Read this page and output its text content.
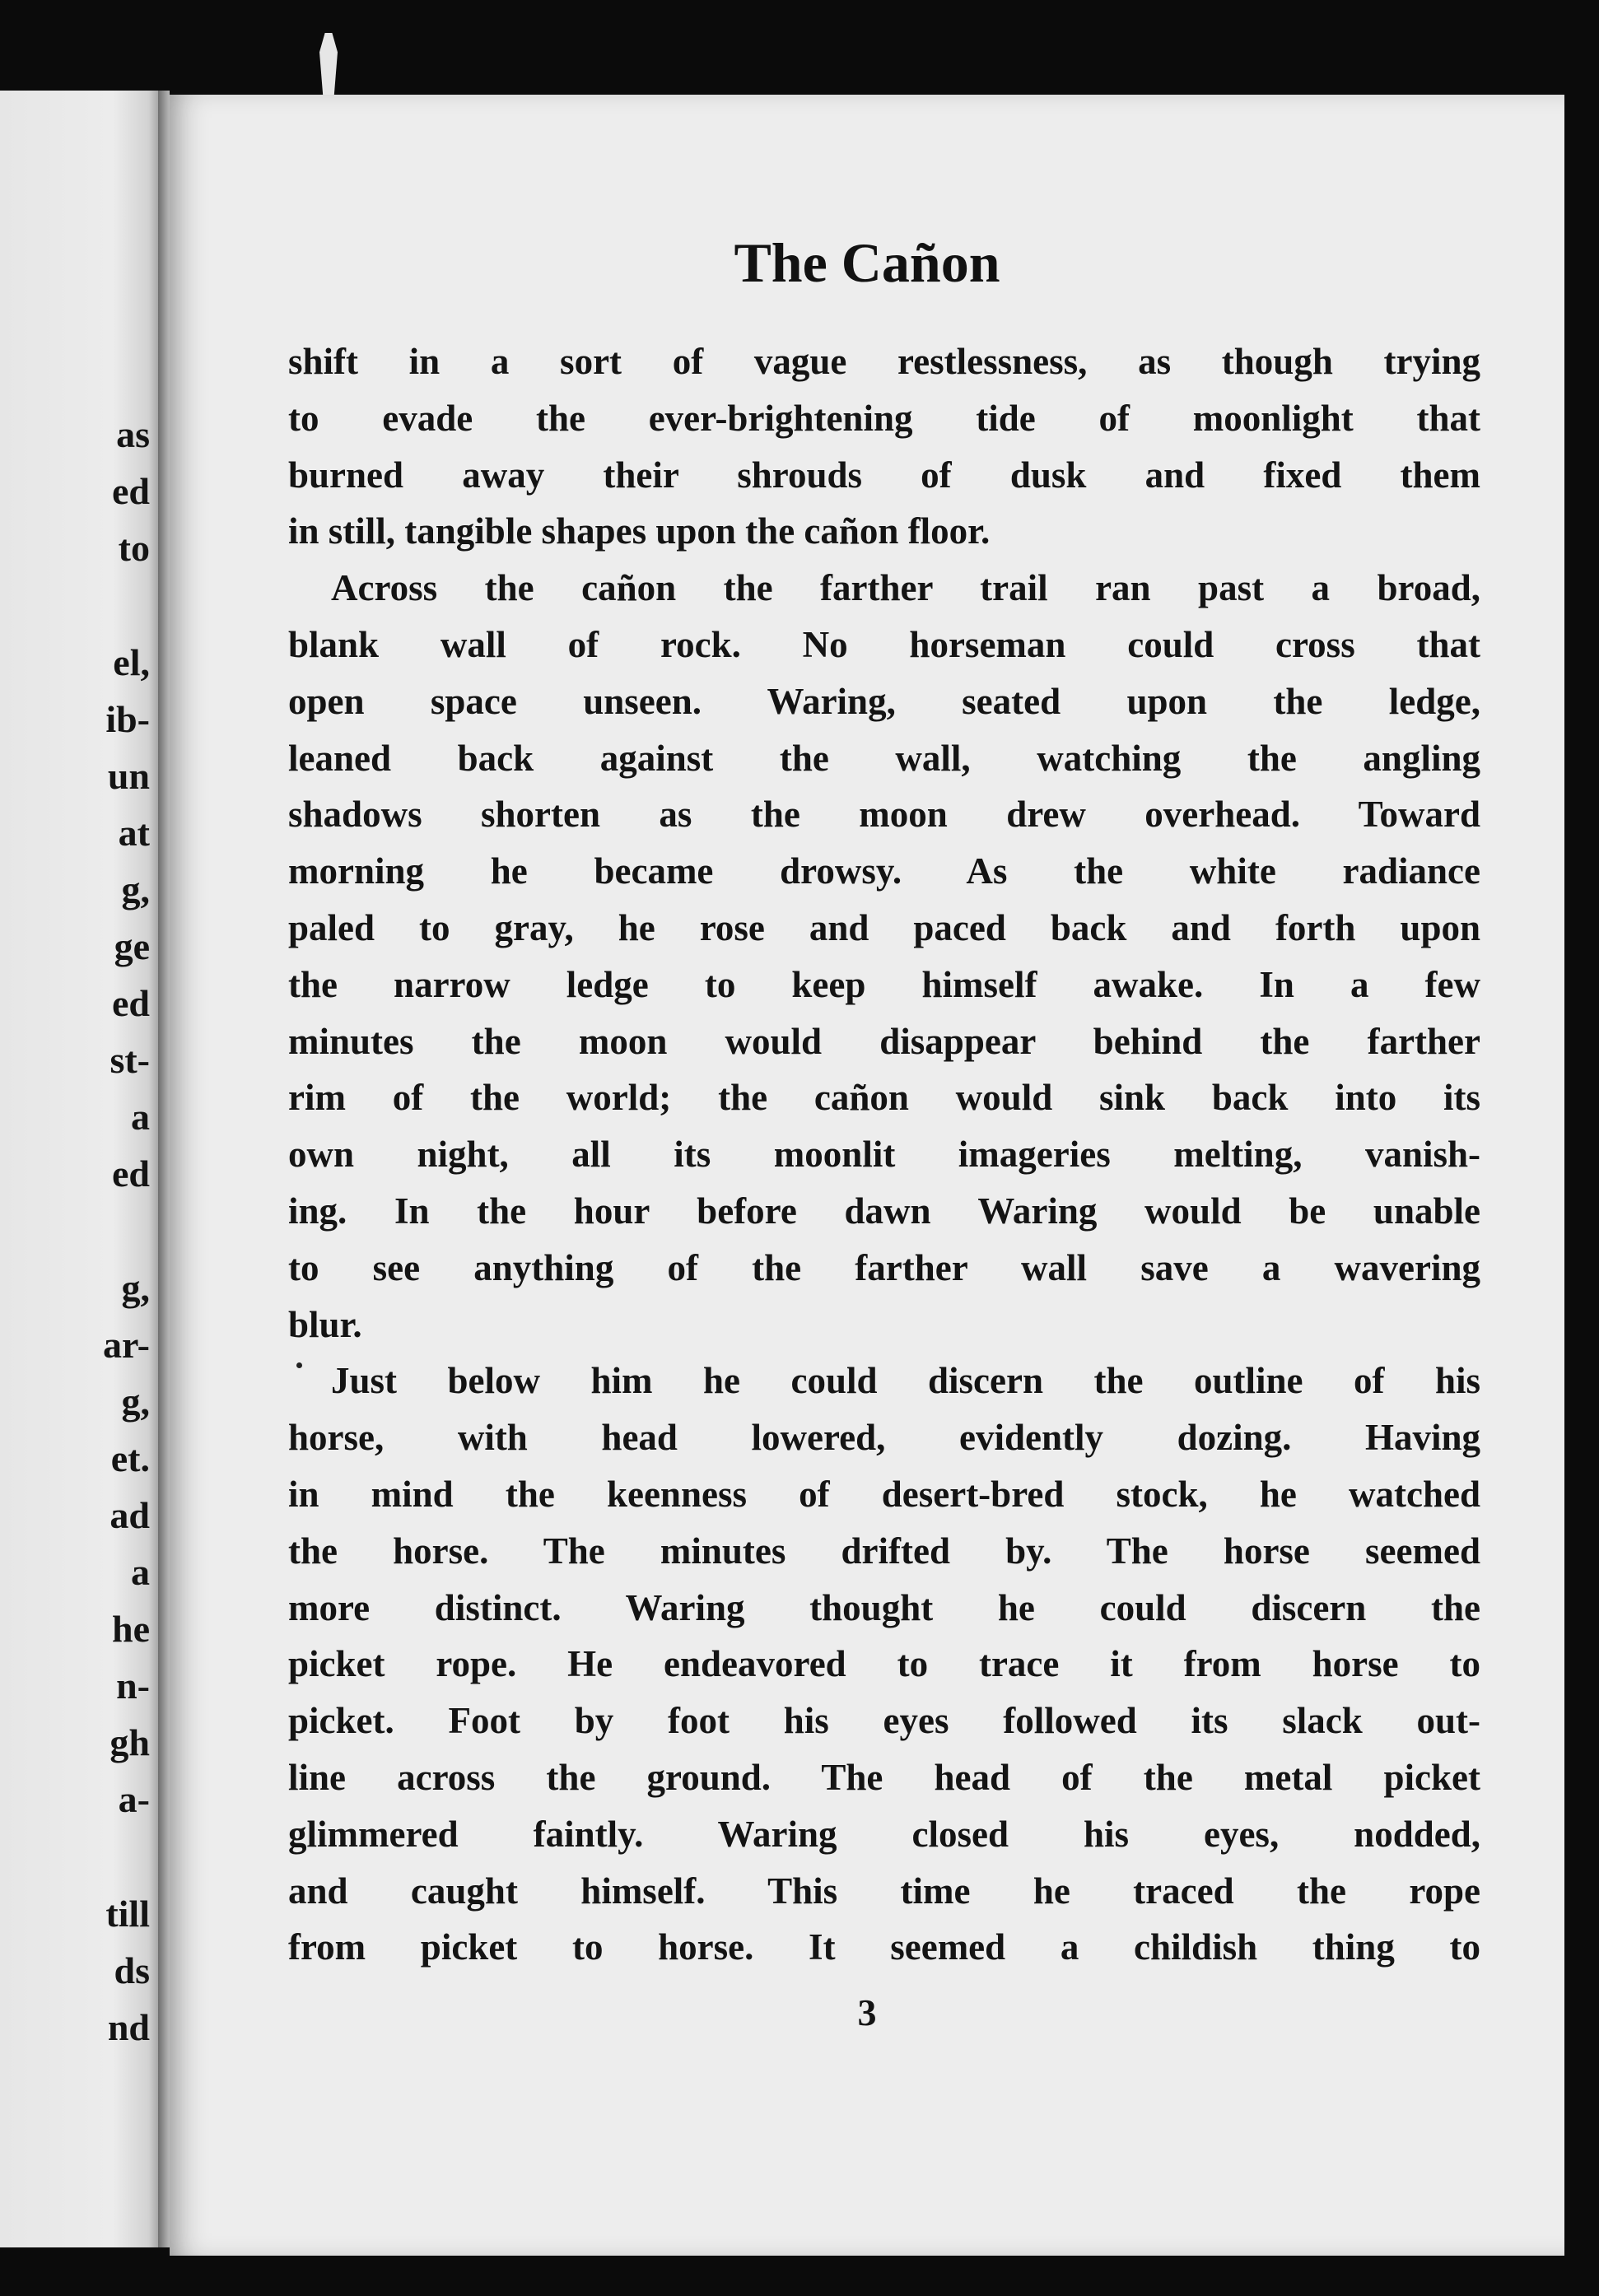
as
ed
to
el,
ib-
un
at
g,
ge
ed
st-
a
ed
g,
ar-
g,
et.
ad
a
he
n-
gh
a-
till
ds
nd
The Cañon
shift in a sort of vague restlessness, as though trying
to evade the ever-brightening tide of moonlight that
burned away their shrouds of dusk and fixed them
in still, tangible shapes upon the cañon floor.
Across the cañon the farther trail ran past a broad,
blank wall of rock. No horseman could cross that
open space unseen. Waring, seated upon the ledge,
leaned back against the wall, watching the angling
shadows shorten as the moon drew overhead. Toward
morning he became drowsy. As the white radiance
paled to gray, he rose and paced back and forth upon
the narrow ledge to keep himself awake. In a few
minutes the moon would disappear behind the farther
rim of the world; the cañon would sink back into its
own night, all its moonlit imageries melting, vanish-
ing. In the hour before dawn Waring would be unable
to see anything of the farther wall save a wavering
blur.
Just below him he could discern the outline of his
horse, with head lowered, evidently dozing. Having
in mind the keenness of desert-bred stock, he watched
the horse. The minutes drifted by. The horse seemed
more distinct. Waring thought he could discern the
picket rope. He endeavored to trace it from horse to
picket. Foot by foot his eyes followed its slack out-
line across the ground. The head of the metal picket
glimmered faintly. Waring closed his eyes, nodded,
and caught himself. This time he traced the rope
from picket to horse. It seemed a childish thing to
3
